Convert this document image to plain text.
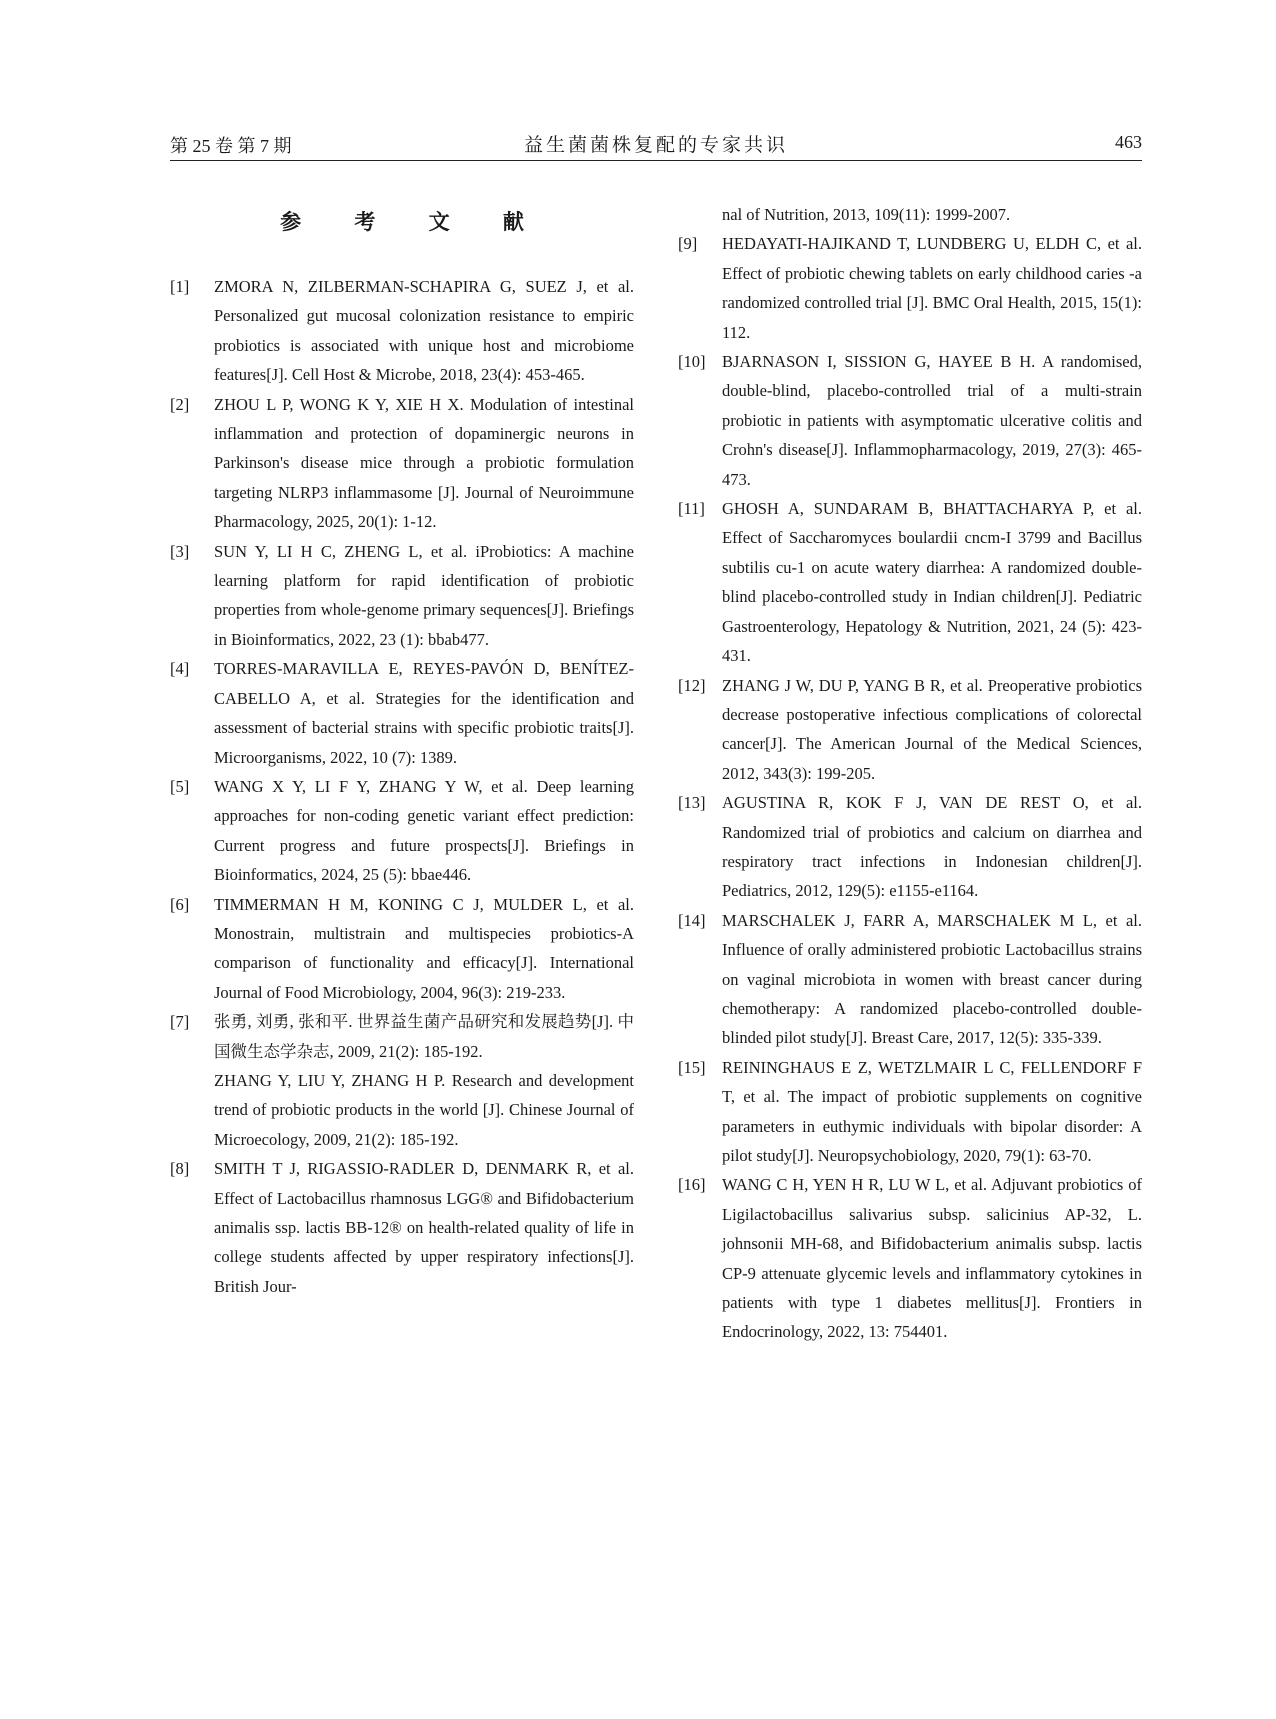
第 25 卷 第 7 期	益生菌菌株复配的专家共识	463
参 考 文 献
[1] ZMORA N, ZILBERMAN-SCHAPIRA G, SUEZ J, et al. Personalized gut mucosal colonization resistance to empiric probiotics is associated with unique host and microbiome features[J]. Cell Host & Microbe, 2018, 23(4): 453-465.
[2] ZHOU L P, WONG K Y, XIE H X. Modulation of intestinal inflammation and protection of dopaminergic neurons in Parkinson's disease mice through a probiotic formulation targeting NLRP3 inflammasome [J]. Journal of Neuroimmune Pharmacology, 2025, 20(1): 1-12.
[3] SUN Y, LI H C, ZHENG L, et al. iProbiotics: A machine learning platform for rapid identification of probiotic properties from whole-genome primary sequences[J]. Briefings in Bioinformatics, 2022, 23 (1): bbab477.
[4] TORRES-MARAVILLA E, REYES-PAVÓN D, BENÍTEZ-CABELLO A, et al. Strategies for the identification and assessment of bacterial strains with specific probiotic traits[J]. Microorganisms, 2022, 10 (7): 1389.
[5] WANG X Y, LI F Y, ZHANG Y W, et al. Deep learning approaches for non-coding genetic variant effect prediction: Current progress and future prospects[J]. Briefings in Bioinformatics, 2024, 25 (5): bbae446.
[6] TIMMERMAN H M, KONING C J, MULDER L, et al. Monostrain, multistrain and multispecies probiotics-A comparison of functionality and efficacy[J]. International Journal of Food Microbiology, 2004, 96(3): 219-233.
[7] 张勇, 刘勇, 张和平. 世界益生菌产品研究和发展趋势[J]. 中国微生态学杂志, 2009, 21(2): 185-192.
ZHANG Y, LIU Y, ZHANG H P. Research and development trend of probiotic products in the world [J]. Chinese Journal of Microecology, 2009, 21(2): 185-192.
[8] SMITH T J, RIGASSIO-RADLER D, DENMARK R, et al. Effect of Lactobacillus rhamnosus LGG® and Bifidobacterium animalis ssp. lactis BB-12® on health-related quality of life in college students affected by upper respiratory infections[J]. British Jour-
nal of Nutrition, 2013, 109(11): 1999-2007.
[9] HEDAYATI-HAJIKAND T, LUNDBERG U, ELDH C, et al. Effect of probiotic chewing tablets on early childhood caries -a randomized controlled trial [J]. BMC Oral Health, 2015, 15(1): 112.
[10] BJARNASON I, SISSION G, HAYEE B H. A randomised, double-blind, placebo-controlled trial of a multi-strain probiotic in patients with asymptomatic ulcerative colitis and Crohn's disease[J]. Inflammopharmacology, 2019, 27(3): 465-473.
[11] GHOSH A, SUNDARAM B, BHATTACHARYA P, et al. Effect of Saccharomyces boulardii cncm-I 3799 and Bacillus subtilis cu-1 on acute watery diarrhea: A randomized double-blind placebo-controlled study in Indian children[J]. Pediatric Gastroenterology, Hepatology & Nutrition, 2021, 24 (5): 423-431.
[12] ZHANG J W, DU P, YANG B R, et al. Preoperative probiotics decrease postoperative infectious complications of colorectal cancer[J]. The American Journal of the Medical Sciences, 2012, 343(3): 199-205.
[13] AGUSTINA R, KOK F J, VAN DE REST O, et al. Randomized trial of probiotics and calcium on diarrhea and respiratory tract infections in Indonesian children[J]. Pediatrics, 2012, 129(5): e1155-e1164.
[14] MARSCHALEK J, FARR A, MARSCHALEK M L, et al. Influence of orally administered probiotic Lactobacillus strains on vaginal microbiota in women with breast cancer during chemotherapy: A randomized placebo-controlled double-blinded pilot study[J]. Breast Care, 2017, 12(5): 335-339.
[15] REININGHAUS E Z, WETZLMAIR L C, FELLENDORF F T, et al. The impact of probiotic supplements on cognitive parameters in euthymic individuals with bipolar disorder: A pilot study[J]. Neuropsychobiology, 2020, 79(1): 63-70.
[16] WANG C H, YEN H R, LU W L, et al. Adjuvant probiotics of Ligilactobacillus salivarius subsp. salicinius AP-32, L. johnsonii MH-68, and Bifidobacterium animalis subsp. lactis CP-9 attenuate glycemic levels and inflammatory cytokines in patients with type 1 diabetes mellitus[J]. Frontiers in Endocrinology, 2022, 13: 754401.
